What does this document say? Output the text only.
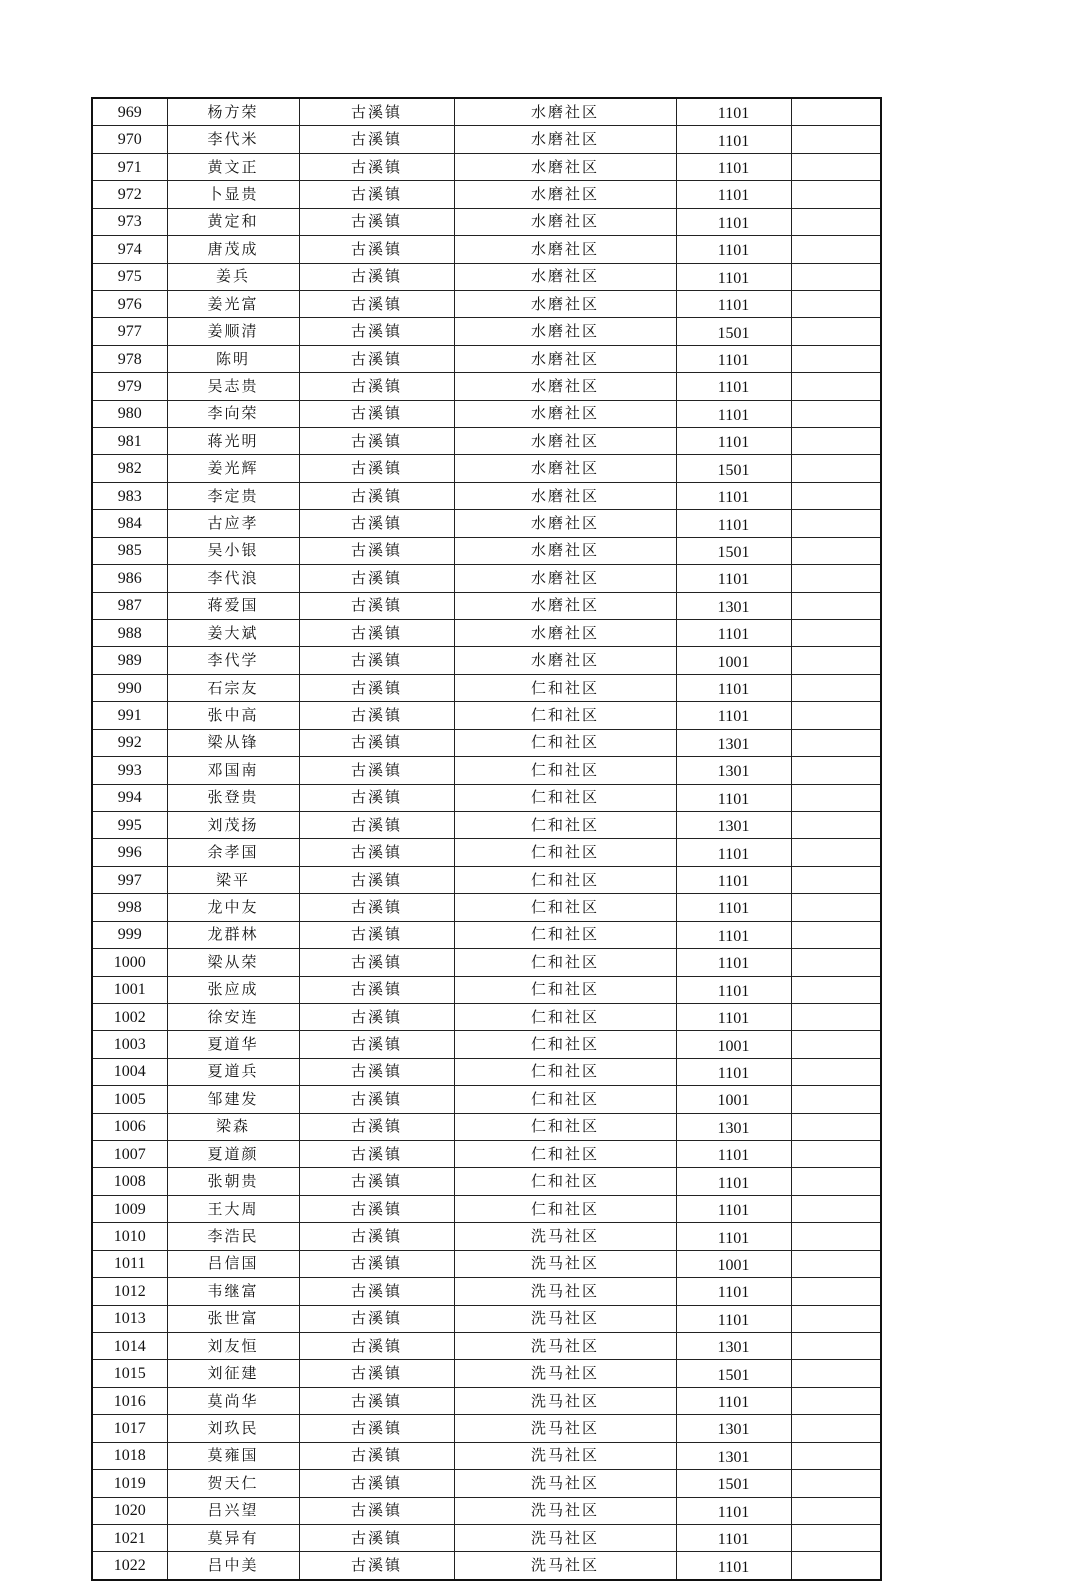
969	杨方荣	古溪镇	水磨社区	1101	
970	李代米	古溪镇	水磨社区	1101	
971	黄文正	古溪镇	水磨社区	1101	
972	卜显贵	古溪镇	水磨社区	1101	
973	黄定和	古溪镇	水磨社区	1101	
974	唐茂成	古溪镇	水磨社区	1101	
975	姜兵	古溪镇	水磨社区	1101	
976	姜光富	古溪镇	水磨社区	1101	
977	姜顺清	古溪镇	水磨社区	1501	
978	陈明	古溪镇	水磨社区	1101	
979	吴志贵	古溪镇	水磨社区	1101	
980	李向荣	古溪镇	水磨社区	1101	
981	蒋光明	古溪镇	水磨社区	1101	
982	姜光辉	古溪镇	水磨社区	1501	
983	李定贵	古溪镇	水磨社区	1101	
984	古应孝	古溪镇	水磨社区	1101	
985	吴小银	古溪镇	水磨社区	1501	
986	李代浪	古溪镇	水磨社区	1101	
987	蒋爱国	古溪镇	水磨社区	1301	
988	姜大斌	古溪镇	水磨社区	1101	
989	李代学	古溪镇	水磨社区	1001	
990	石宗友	古溪镇	仁和社区	1101	
991	张中高	古溪镇	仁和社区	1101	
992	梁从锋	古溪镇	仁和社区	1301	
993	邓国南	古溪镇	仁和社区	1301	
994	张登贵	古溪镇	仁和社区	1101	
995	刘茂扬	古溪镇	仁和社区	1301	
996	余孝国	古溪镇	仁和社区	1101	
997	梁平	古溪镇	仁和社区	1101	
998	龙中友	古溪镇	仁和社区	1101	
999	龙群林	古溪镇	仁和社区	1101	
1000	梁从荣	古溪镇	仁和社区	1101	
1001	张应成	古溪镇	仁和社区	1101	
1002	徐安连	古溪镇	仁和社区	1101	
1003	夏道华	古溪镇	仁和社区	1001	
1004	夏道兵	古溪镇	仁和社区	1101	
1005	邹建发	古溪镇	仁和社区	1001	
1006	梁森	古溪镇	仁和社区	1301	
1007	夏道颜	古溪镇	仁和社区	1101	
1008	张朝贵	古溪镇	仁和社区	1101	
1009	王大周	古溪镇	仁和社区	1101	
1010	李浩民	古溪镇	洗马社区	1101	
1011	吕信国	古溪镇	洗马社区	1001	
1012	韦继富	古溪镇	洗马社区	1101	
1013	张世富	古溪镇	洗马社区	1101	
1014	刘友恒	古溪镇	洗马社区	1301	
1015	刘征建	古溪镇	洗马社区	1501	
1016	莫尚华	古溪镇	洗马社区	1101	
1017	刘玖民	古溪镇	洗马社区	1301	
1018	莫雍国	古溪镇	洗马社区	1301	
1019	贺天仁	古溪镇	洗马社区	1501	
1020	吕兴望	古溪镇	洗马社区	1101	
1021	莫异有	古溪镇	洗马社区	1101	
1022	吕中美	古溪镇	洗马社区	1101	
